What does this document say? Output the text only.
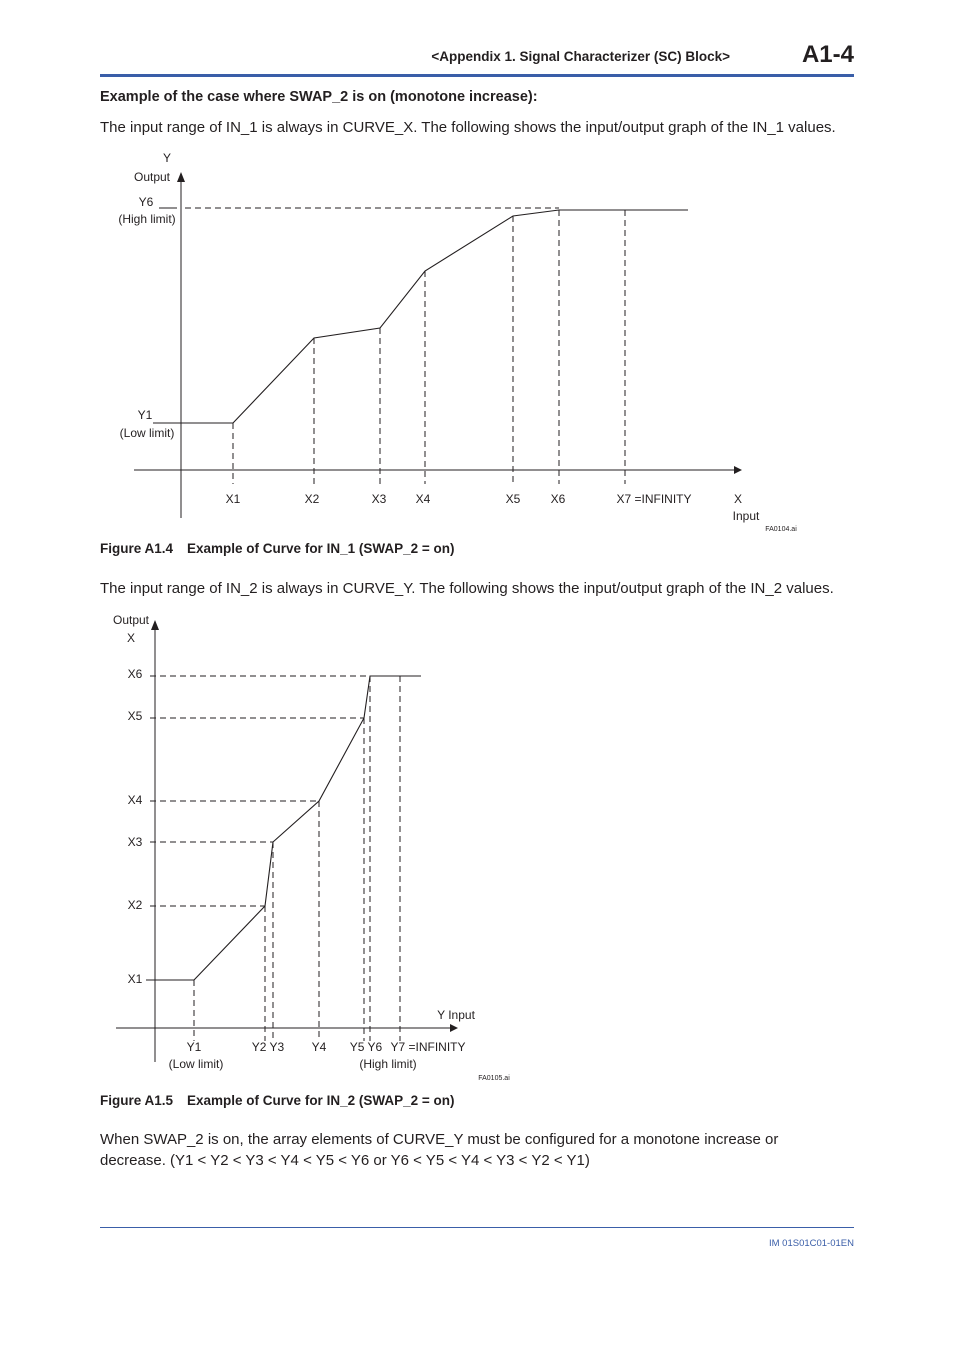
<Appendix 1. Signal Characterizer (SC) Block>	A1-4
Example of the case where SWAP_2 is on (monotone increase):
The input range of IN_1 is always in CURVE_X. The following shows the input/output graph of the IN_1 values.
Y
Output
Y6
(High limit)
Y1
(Low limit)
X1	X2	X3 X4	X5	X6	X7 =INFINITY	X
Input
FA0104.ai
Figure A1.4 Example of Curve for IN_1 (SWAP_2 = on)
The input range of IN_2 is always in CURVE_Y. The following shows the input/output graph of the IN_2 values.
Output
X
X6
X5
X4
X3
X2
X1
Y Input
Y1	Y2 Y3 Y4 Y5 Y6 Y7 =INFINITY
(Low limit)	(High limit)
FA0105.ai
Figure A1.5 Example of Curve for IN_2 (SWAP_2 = on)
When SWAP_2 is on, the array elements of CURVE_Y must be configured for a monotone increase or decrease. (Y1 < Y2 < Y3 < Y4 < Y5 < Y6 or Y6 < Y5 < Y4 < Y3 < Y2 < Y1)
IM 01S01C01-01EN
